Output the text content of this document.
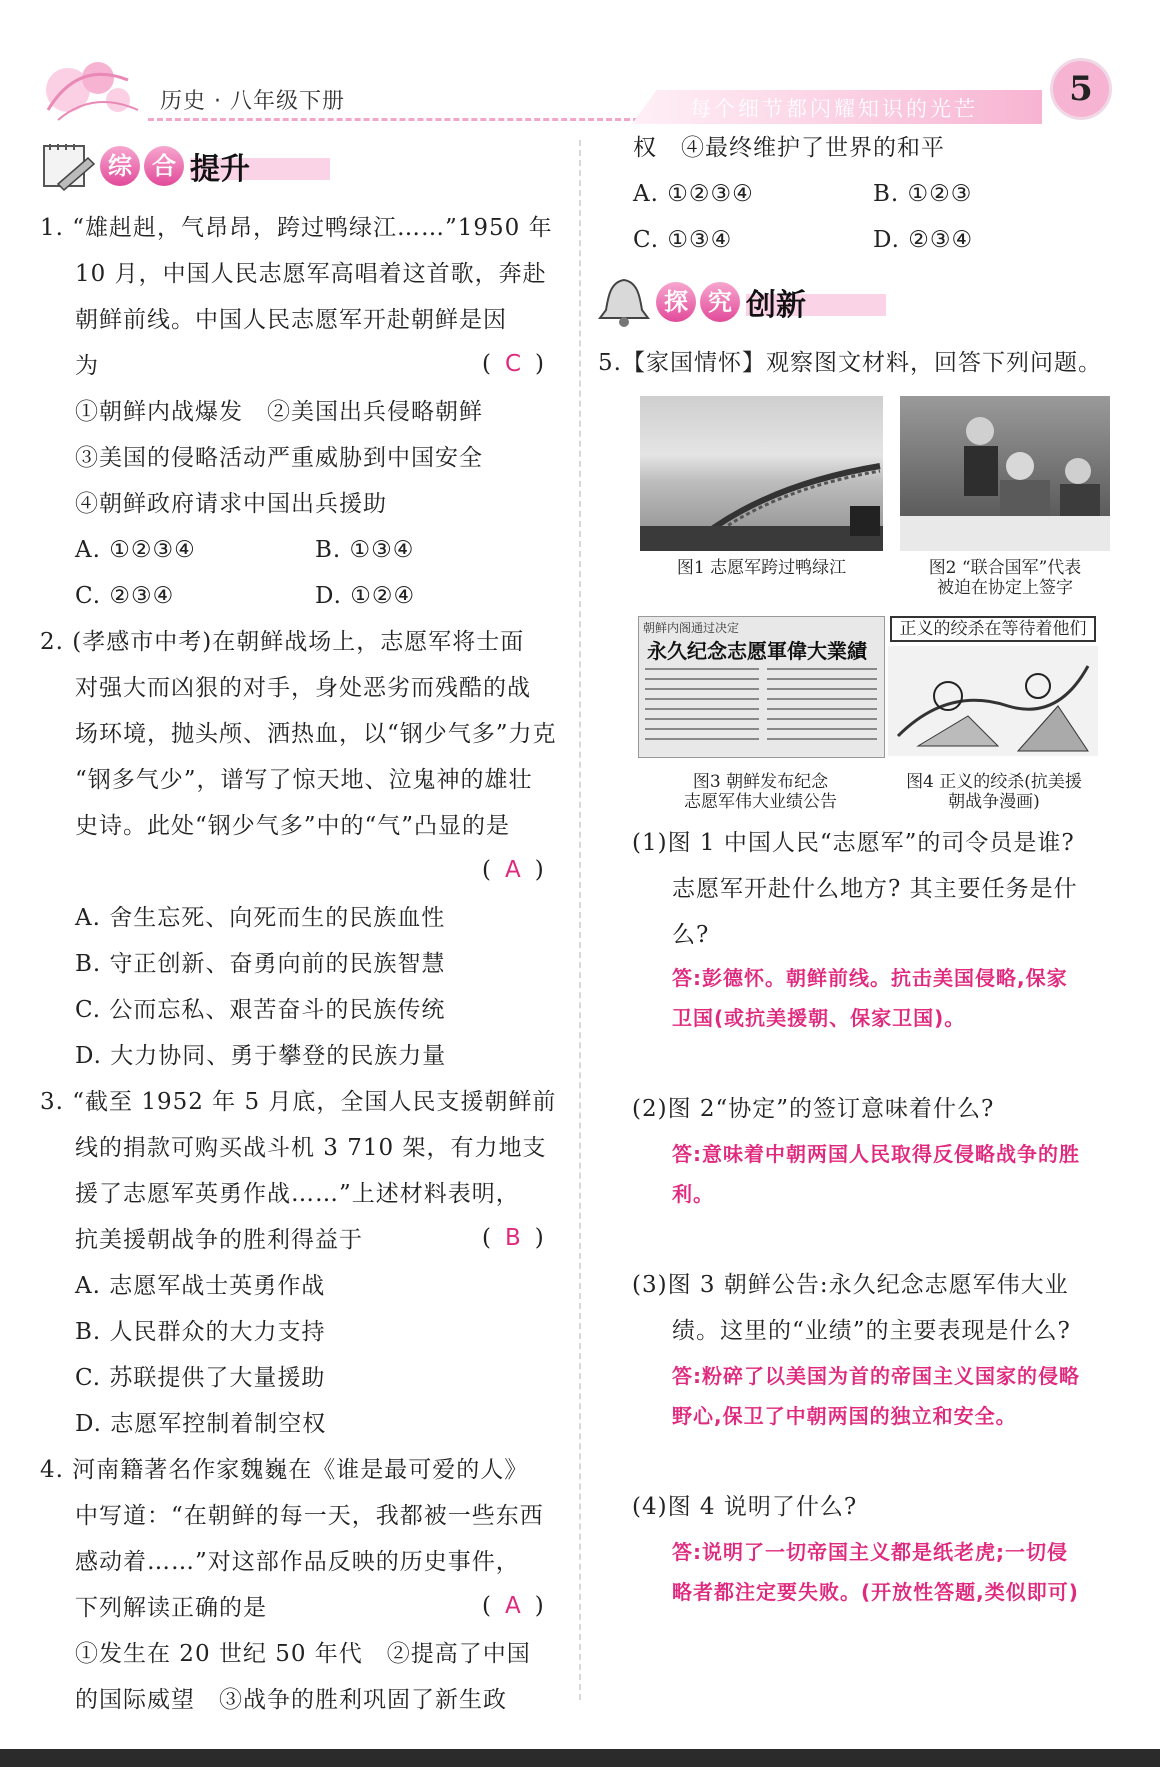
历史 · 八年级下册	每个细节都闪耀知识的光芒	5
综 合 提升
1. “雄赳赳，气昂昂，跨过鸭绿江……”1950 年
10 月，中国人民志愿军高唱着这首歌，奔赴
朝鲜前线。中国人民志愿军开赴朝鲜是因
为	( C )
①朝鲜内战爆发　②美国出兵侵略朝鲜
③美国的侵略活动严重威胁到中国安全
④朝鲜政府请求中国出兵援助
A. ①②③④	B. ①③④
C. ②③④	D. ①②④
2. (孝感市中考)在朝鲜战场上，志愿军将士面
对强大而凶狠的对手，身处恶劣而残酷的战
场环境，抛头颅、洒热血，以“钢少气多”力克
“钢多气少”，谱写了惊天地、泣鬼神的雄壮
史诗。此处“钢少气多”中的“气”凸显的是
( A )
A. 舍生忘死、向死而生的民族血性
B. 守正创新、奋勇向前的民族智慧
C. 公而忘私、艰苦奋斗的民族传统
D. 大力协同、勇于攀登的民族力量
3. “截至 1952 年 5 月底，全国人民支援朝鲜前
线的捐款可购买战斗机 3 710 架，有力地支
援了志愿军英勇作战……”上述材料表明，
抗美援朝战争的胜利得益于	( B )
A. 志愿军战士英勇作战
B. 人民群众的大力支持
C. 苏联提供了大量援助
D. 志愿军控制着制空权
4. 河南籍著名作家魏巍在《谁是最可爱的人》
中写道：“在朝鲜的每一天，我都被一些东西
感动着……”对这部作品反映的历史事件，
下列解读正确的是	( A )
①发生在 20 世纪 50 年代　②提高了中国
的国际威望　③战争的胜利巩固了新生政
权　④最终维护了世界的和平
A. ①②③④	B. ①②③
C. ①③④	D. ②③④
探 究 创新
5.【家国情怀】观察图文材料，回答下列问题。
图1 志愿军跨过鸭绿江	图2 “联合国军”代表
被迫在协定上签字
朝鲜内阁通过决定
永久纪念志愿軍偉大業績
图3 朝鲜发布纪念
志愿军伟大业绩公告
正义的绞杀在等待着他们
图4 正义的绞杀(抗美援
朝战争漫画)
(1)图 1 中国人民“志愿军”的司令员是谁?
志愿军开赴什么地方? 其主要任务是什
么?
答:彭德怀。朝鲜前线。抗击美国侵略,保家
卫国(或抗美援朝、保家卫国)。
(2)图 2“协定”的签订意味着什么?
答:意味着中朝两国人民取得反侵略战争的胜
利。
(3)图 3 朝鲜公告:永久纪念志愿军伟大业
绩。这里的“业绩”的主要表现是什么?
答:粉碎了以美国为首的帝国主义国家的侵略
野心,保卫了中朝两国的独立和安全。
(4)图 4 说明了什么?
答:说明了一切帝国主义都是纸老虎;一切侵
略者都注定要失败。(开放性答题,类似即可)
